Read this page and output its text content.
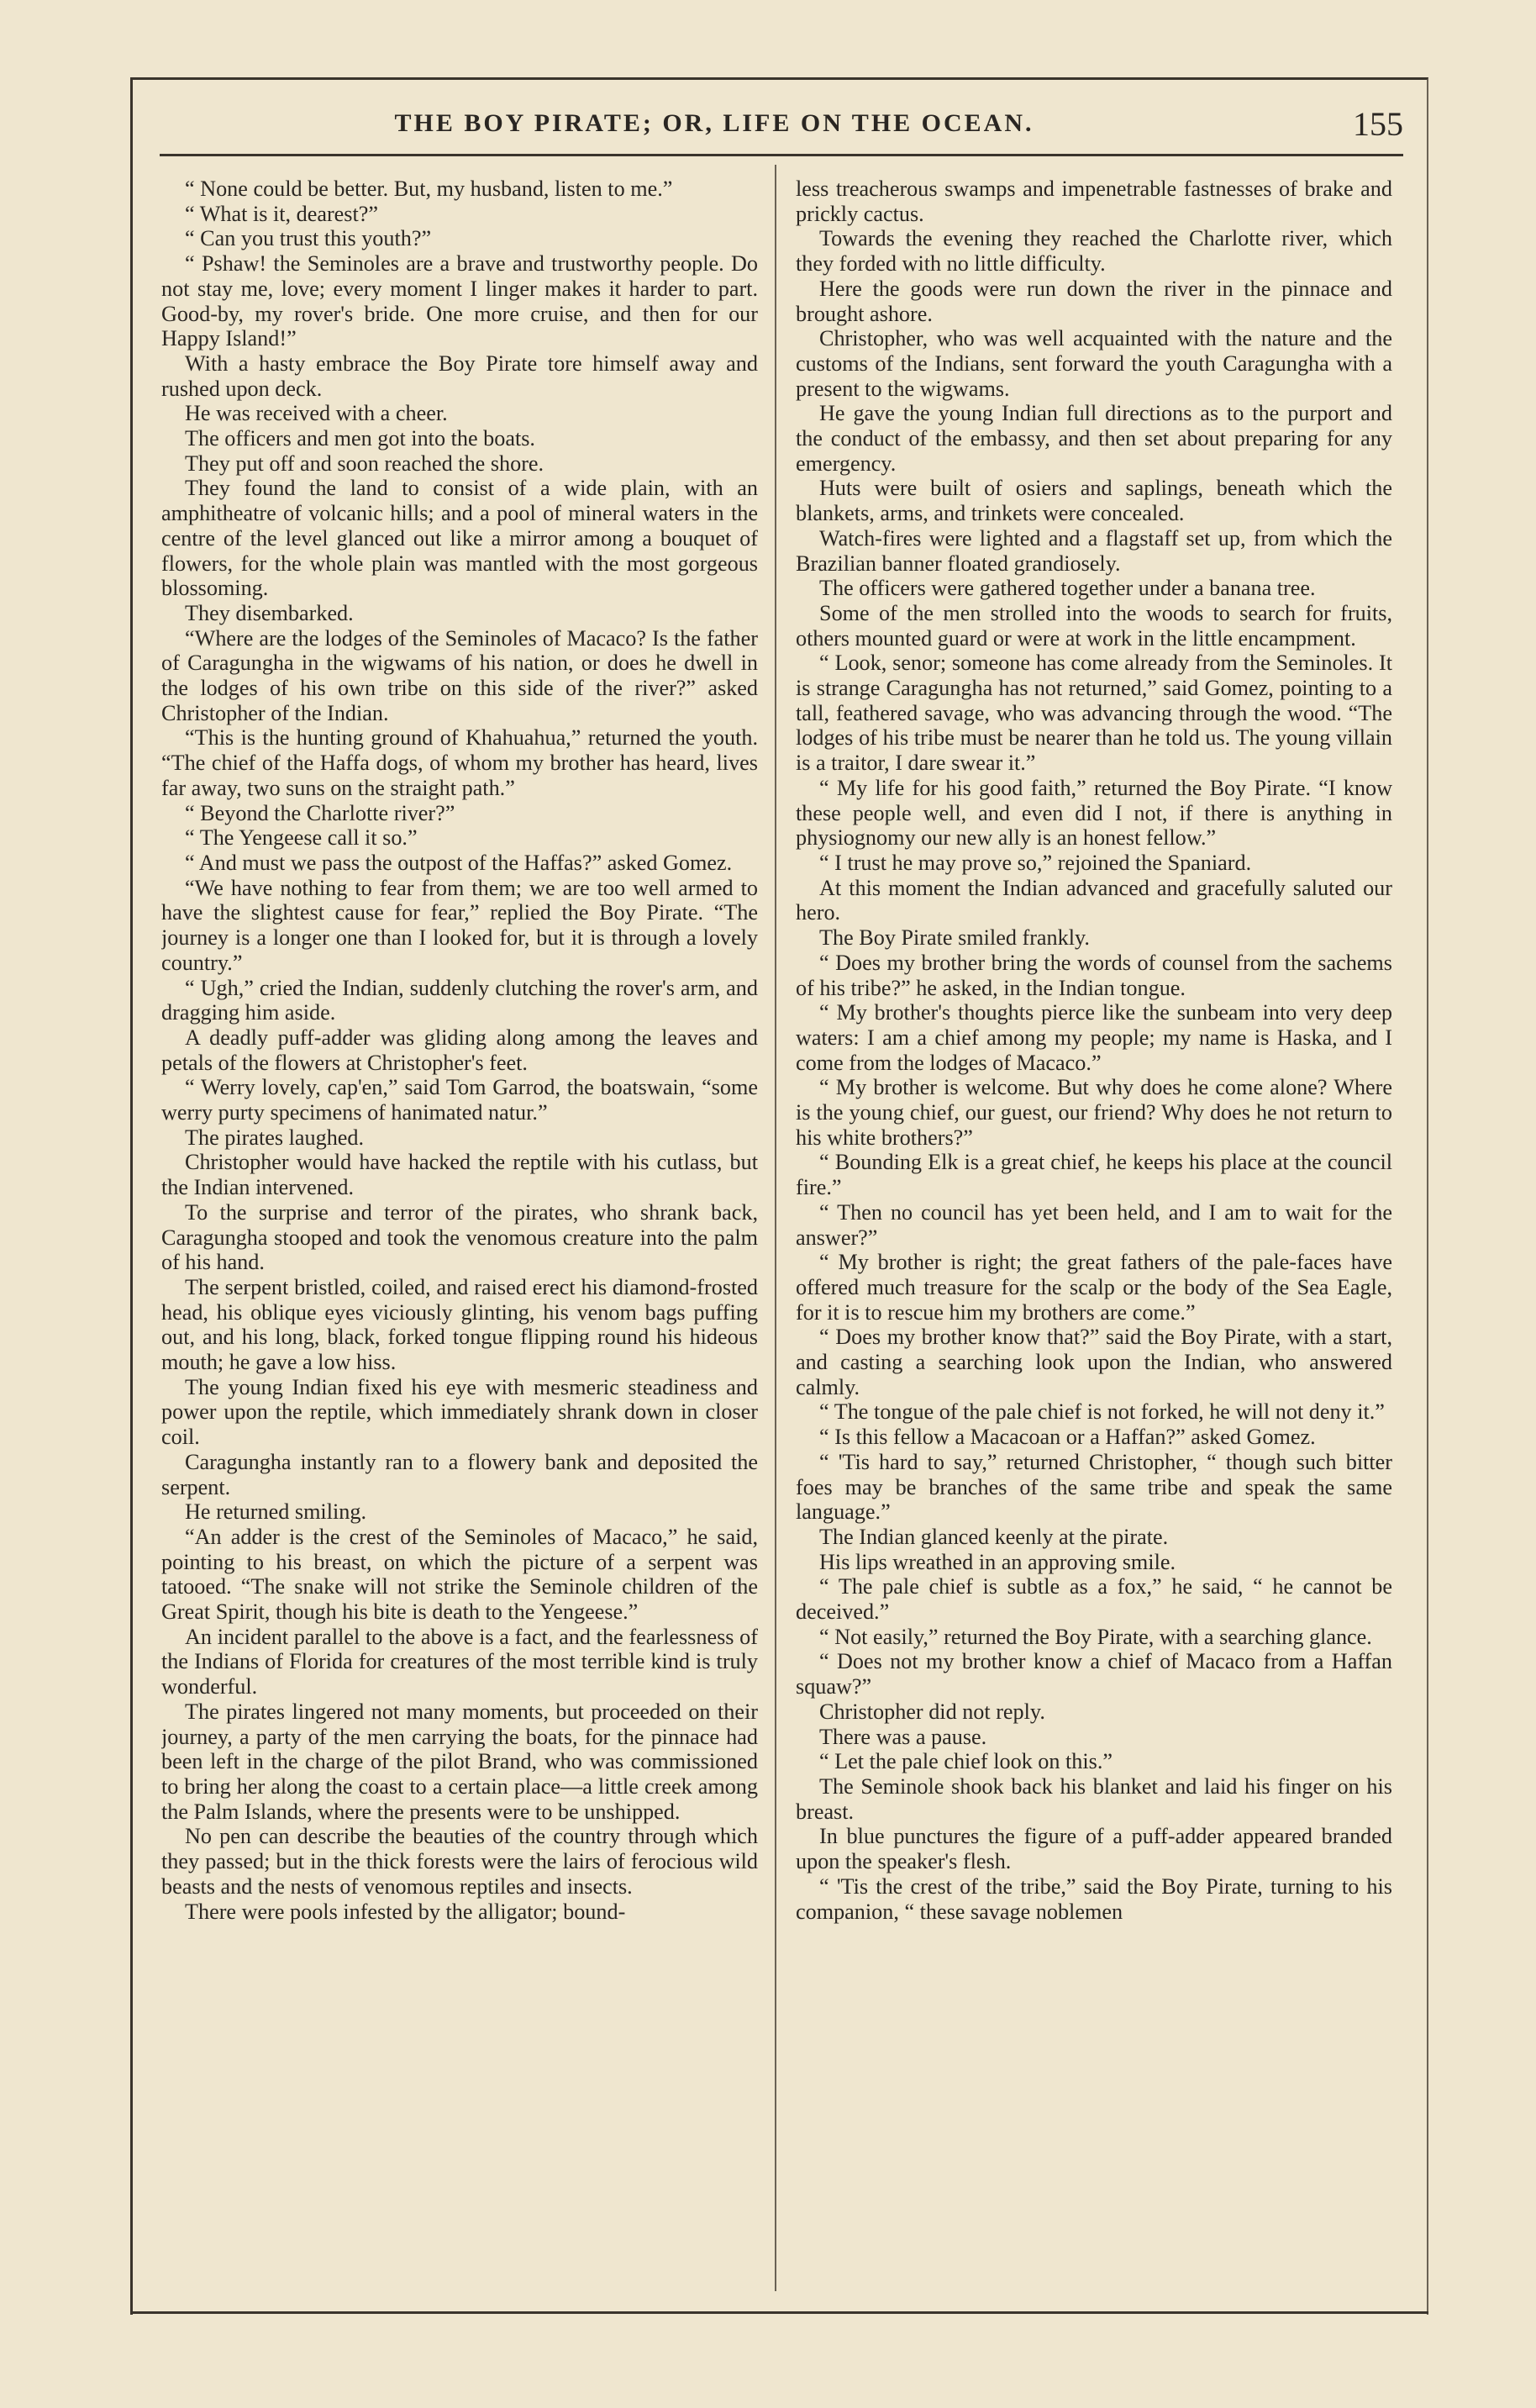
THE BOY PIRATE; OR, LIFE ON THE OCEAN.	155

“ None could be better. But, my husband, listen to me.”

“ What is it, dearest?”

“ Can you trust this youth?”

“ Pshaw! the Seminoles are a brave and trustworthy people. Do not stay me, love; every moment I linger makes it harder to part. Good-by, my rover's bride. One more cruise, and then for our Happy Island!”

With a hasty embrace the Boy Pirate tore himself away and rushed upon deck.

He was received with a cheer.

The officers and men got into the boats.

They put off and soon reached the shore.

They found the land to consist of a wide plain, with an amphitheatre of volcanic hills; and a pool of mineral waters in the centre of the level glanced out like a mirror among a bouquet of flowers, for the whole plain was mantled with the most gorgeous blossoming.

They disembarked.

“Where are the lodges of the Seminoles of Macaco? Is the father of Caragungha in the wigwams of his nation, or does he dwell in the lodges of his own tribe on this side of the river?” asked Christopher of the Indian.

“This is the hunting ground of Khahuahua,” returned the youth. “The chief of the Haffa dogs, of whom my brother has heard, lives far away, two suns on the straight path.”

“ Beyond the Charlotte river?”

“ The Yengeese call it so.”

“ And must we pass the outpost of the Haffas?” asked Gomez.

“We have nothing to fear from them; we are too well armed to have the slightest cause for fear,” replied the Boy Pirate. “The journey is a longer one than I looked for, but it is through a lovely country.”

“ Ugh,” cried the Indian, suddenly clutching the rover's arm, and dragging him aside.

A deadly puff-adder was gliding along among the leaves and petals of the flowers at Christopher's feet.

“ Werry lovely, cap'en,” said Tom Garrod, the boatswain, “some werry purty specimens of hanimated natur.”

The pirates laughed.

Christopher would have hacked the reptile with his cutlass, but the Indian intervened.

To the surprise and terror of the pirates, who shrank back, Caragungha stooped and took the venomous creature into the palm of his hand.

The serpent bristled, coiled, and raised erect his diamond-frosted head, his oblique eyes viciously glinting, his venom bags puffing out, and his long, black, forked tongue flipping round his hideous mouth; he gave a low hiss.

The young Indian fixed his eye with mesmeric steadiness and power upon the reptile, which immediately shrank down in closer coil.

Caragungha instantly ran to a flowery bank and deposited the serpent.

He returned smiling.

“An adder is the crest of the Seminoles of Macaco,” he said, pointing to his breast, on which the picture of a serpent was tatooed. “The snake will not strike the Seminole children of the Great Spirit, though his bite is death to the Yengeese.”

An incident parallel to the above is a fact, and the fearlessness of the Indians of Florida for creatures of the most terrible kind is truly wonderful.

The pirates lingered not many moments, but proceeded on their journey, a party of the men carrying the boats, for the pinnace had been left in the charge of the pilot Brand, who was commissioned to bring her along the coast to a certain place—a little creek among the Palm Islands, where the presents were to be unshipped.

No pen can describe the beauties of the country through which they passed; but in the thick forests were the lairs of ferocious wild beasts and the nests of venomous reptiles and insects.

There were pools infested by the alligator; bound-

less treacherous swamps and impenetrable fastnesses of brake and prickly cactus.

Towards the evening they reached the Charlotte river, which they forded with no little difficulty.

Here the goods were run down the river in the pinnace and brought ashore.

Christopher, who was well acquainted with the nature and the customs of the Indians, sent forward the youth Caragungha with a present to the wigwams.

He gave the young Indian full directions as to the purport and the conduct of the embassy, and then set about preparing for any emergency.

Huts were built of osiers and saplings, beneath which the blankets, arms, and trinkets were concealed.

Watch-fires were lighted and a flagstaff set up, from which the Brazilian banner floated grandiosely.

The officers were gathered together under a banana tree.

Some of the men strolled into the woods to search for fruits, others mounted guard or were at work in the little encampment.

“ Look, senor; someone has come already from the Seminoles. It is strange Caragungha has not returned,” said Gomez, pointing to a tall, feathered savage, who was advancing through the wood. “The lodges of his tribe must be nearer than he told us. The young villain is a traitor, I dare swear it.”

“ My life for his good faith,” returned the Boy Pirate. “I know these people well, and even did I not, if there is anything in physiognomy our new ally is an honest fellow.”

“ I trust he may prove so,” rejoined the Spaniard.

At this moment the Indian advanced and gracefully saluted our hero.

The Boy Pirate smiled frankly.

“ Does my brother bring the words of counsel from the sachems of his tribe?” he asked, in the Indian tongue.

“ My brother's thoughts pierce like the sunbeam into very deep waters: I am a chief among my people; my name is Haska, and I come from the lodges of Macaco.”

“ My brother is welcome. But why does he come alone? Where is the young chief, our guest, our friend? Why does he not return to his white brothers?”

“ Bounding Elk is a great chief, he keeps his place at the council fire.”

“ Then no council has yet been held, and I am to wait for the answer?”

“ My brother is right; the great fathers of the pale-faces have offered much treasure for the scalp or the body of the Sea Eagle, for it is to rescue him my brothers are come.”

“ Does my brother know that?” said the Boy Pirate, with a start, and casting a searching look upon the Indian, who answered calmly.

“ The tongue of the pale chief is not forked, he will not deny it.”

“ Is this fellow a Macacoan or a Haffan?” asked Gomez.

“ 'Tis hard to say,” returned Christopher, “ though such bitter foes may be branches of the same tribe and speak the same language.”

The Indian glanced keenly at the pirate.

His lips wreathed in an approving smile.

“ The pale chief is subtle as a fox,” he said, “ he cannot be deceived.”

“ Not easily,” returned the Boy Pirate, with a searching glance.

“ Does not my brother know a chief of Macaco from a Haffan squaw?”

Christopher did not reply.

There was a pause.

“ Let the pale chief look on this.”

The Seminole shook back his blanket and laid his finger on his breast.

In blue punctures the figure of a puff-adder appeared branded upon the speaker's flesh.

“ 'Tis the crest of the tribe,” said the Boy Pirate, turning to his companion, “ these savage noblemen
